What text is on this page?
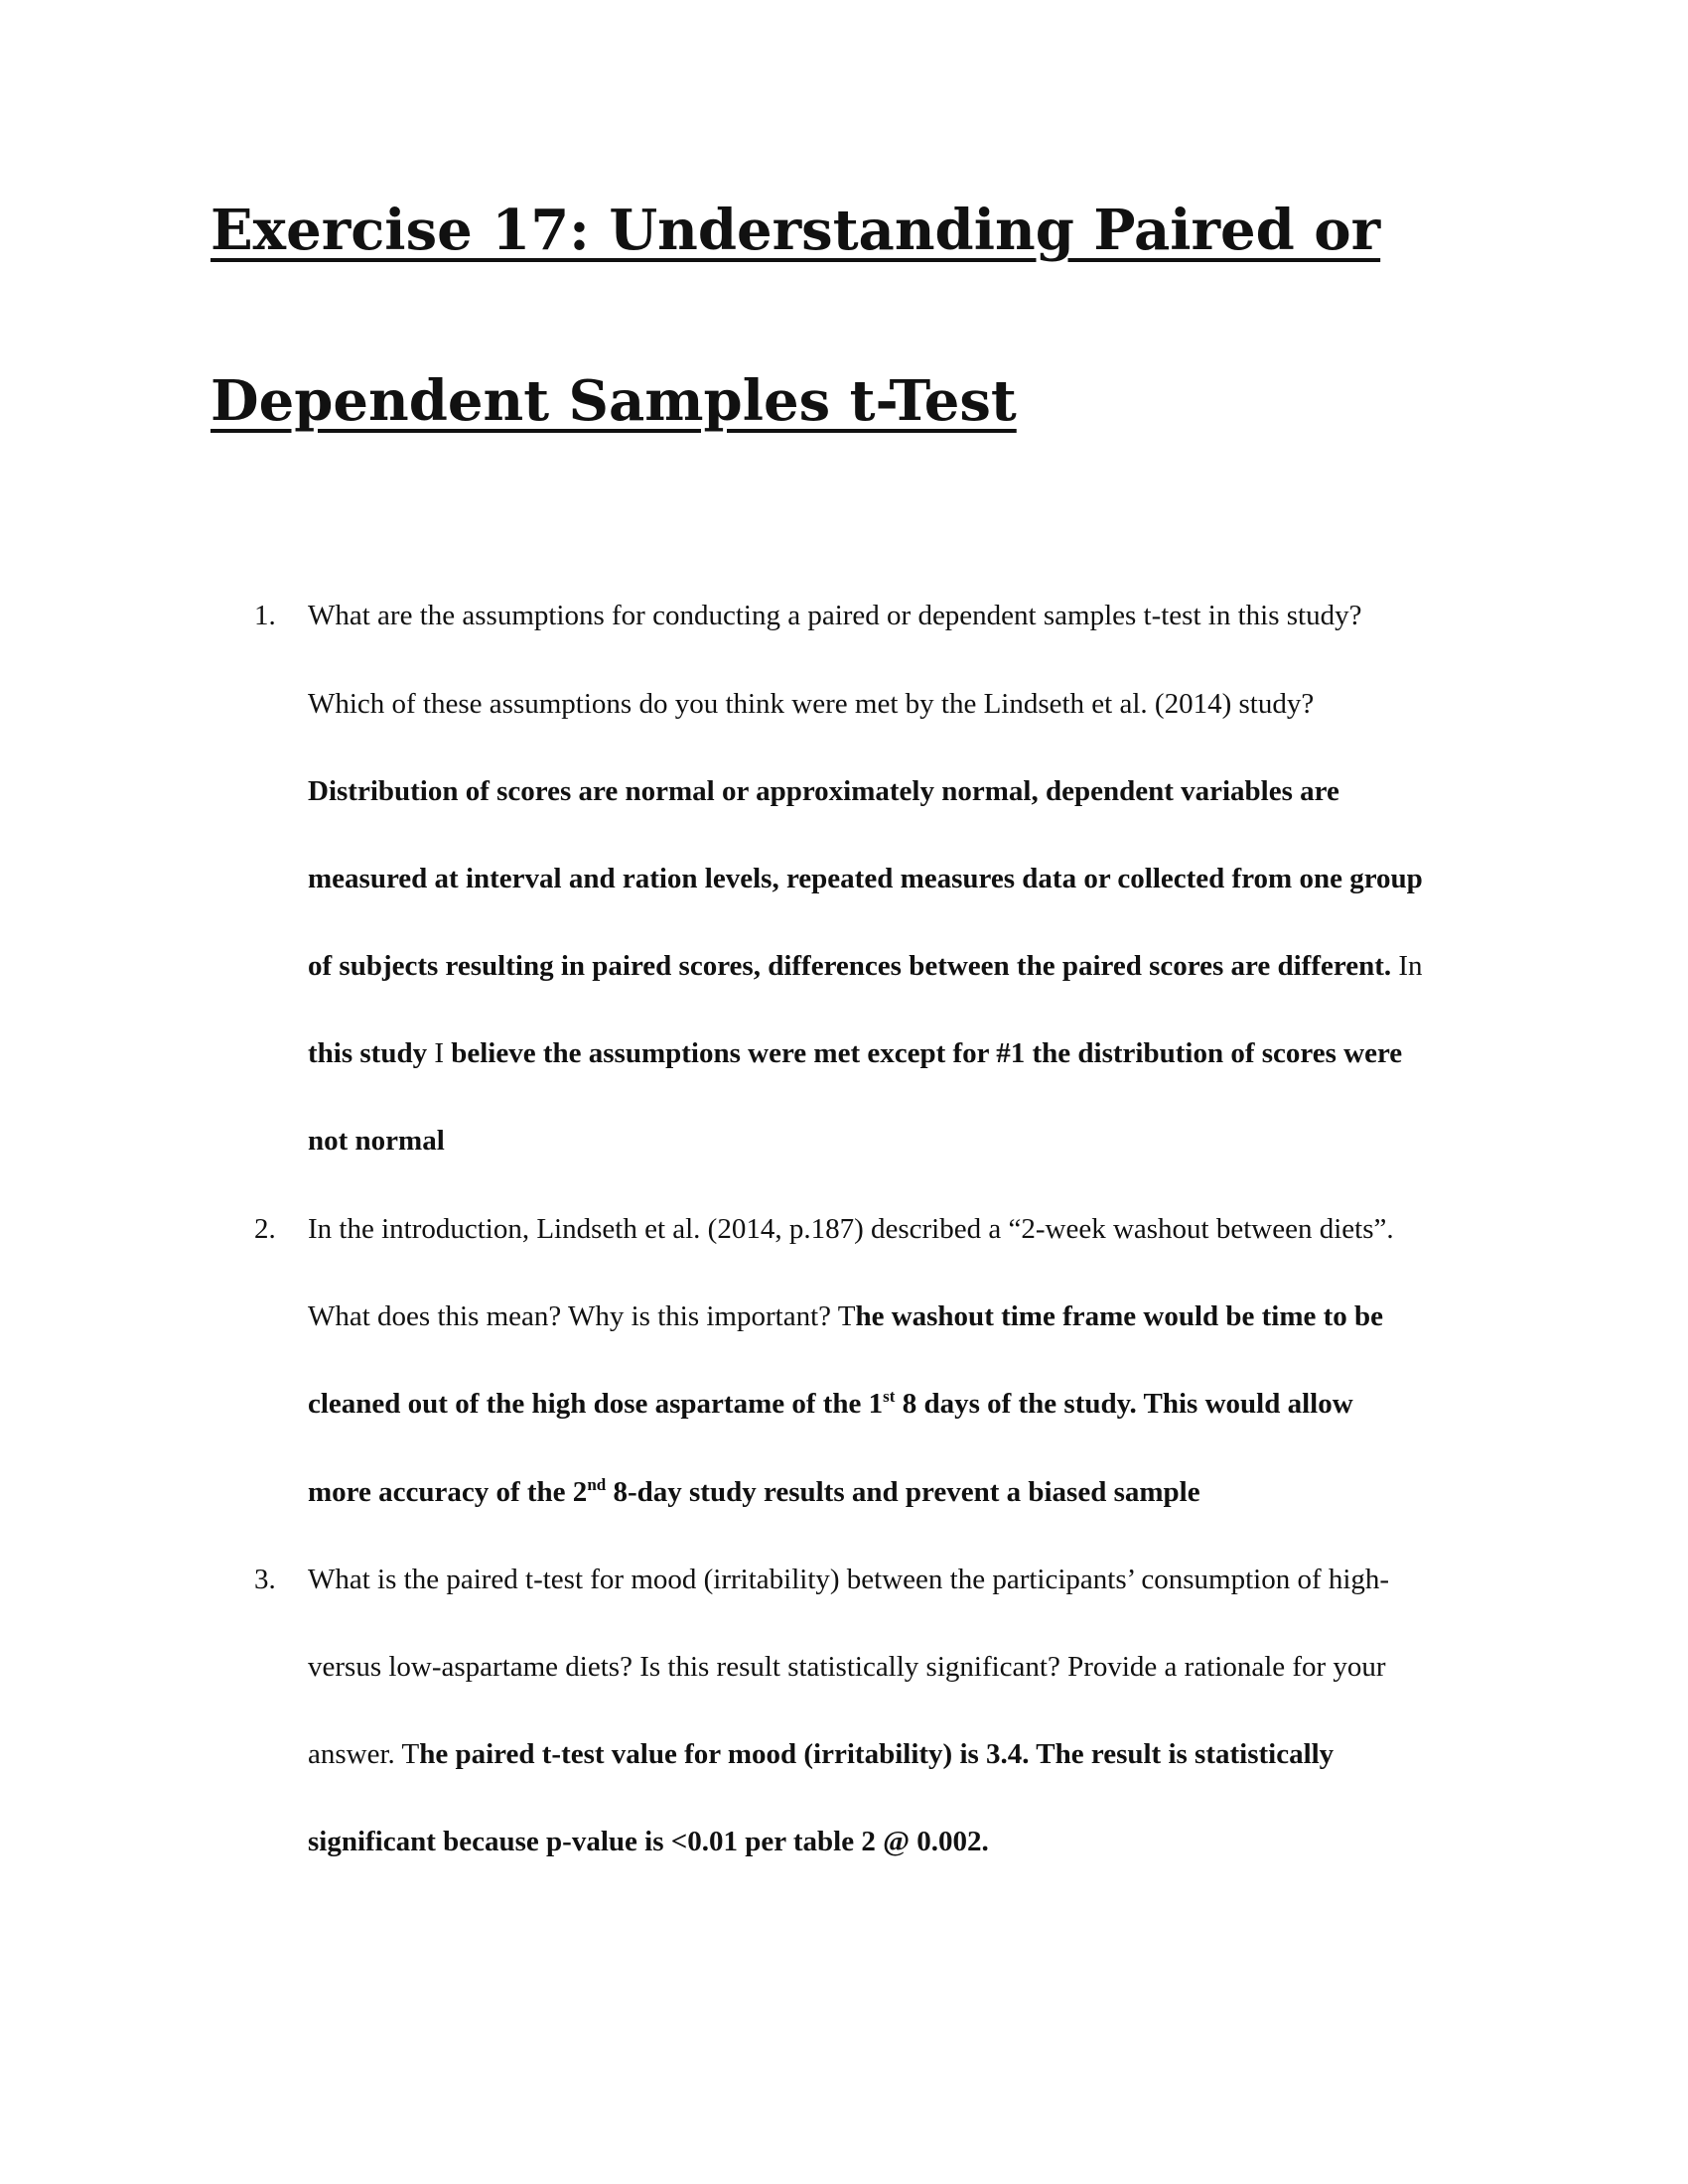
Exercise 17: Understanding Paired or
Dependent Samples t-Test
1. What are the assumptions for conducting a paired or dependent samples t-test in this study?
Which of these assumptions do you think were met by the Lindseth et al. (2014) study?
Distribution of scores are normal or approximately normal, dependent variables are
measured at interval and ration levels, repeated measures data or collected from one group
of subjects resulting in paired scores, differences between the paired scores are different. In
this study I believe the assumptions were met except for #1 the distribution of scores were
not normal
2. In the introduction, Lindseth et al. (2014, p.187) described a “2-week washout between diets”.
What does this mean? Why is this important? The washout time frame would be time to be
cleaned out of the high dose aspartame of the 1st 8 days of the study. This would allow
more accuracy of the 2nd 8-day study results and prevent a biased sample
3. What is the paired t-test for mood (irritability) between the participants’ consumption of high-
versus low-aspartame diets? Is this result statistically significant? Provide a rationale for your
answer. The paired t-test value for mood (irritability) is 3.4. The result is statistically
significant because p-value is <0.01 per table 2 @ 0.002.
